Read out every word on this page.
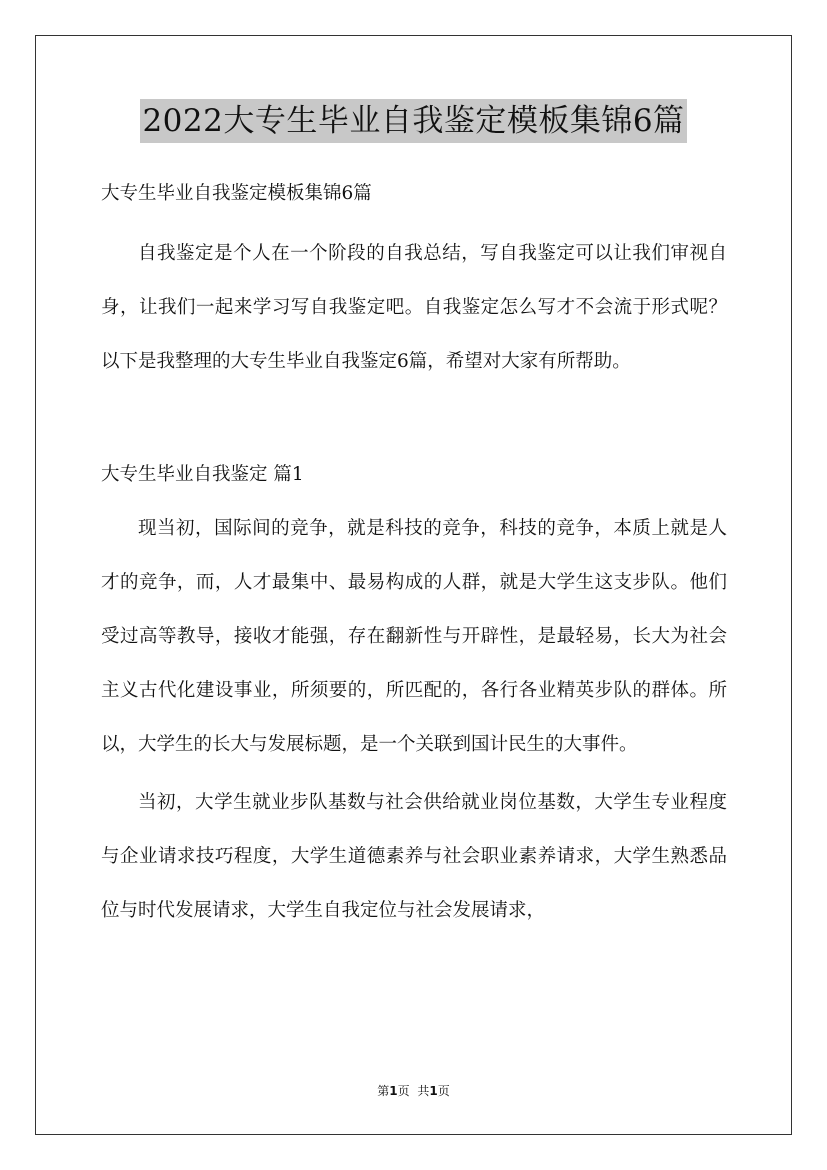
2022大专生毕业自我鉴定模板集锦6篇

大专生毕业自我鉴定模板集锦6篇

自我鉴定是个人在一个阶段的自我总结，写自我鉴定可以让我们审视自身，让我们一起来学习写自我鉴定吧。自我鉴定怎么写才不会流于形式呢？以下是我整理的大专生毕业自我鉴定6篇，希望对大家有所帮助。

大专生毕业自我鉴定 篇1

现当初，国际间的竞争，就是科技的竞争，科技的竞争，本质上就是人才的竞争，而，人才最集中、最易构成的人群，就是大学生这支步队。他们受过高等教导，接收才能强，存在翻新性与开辟性，是最轻易，长大为社会主义古代化建设事业，所须要的，所匹配的，各行各业精英步队的群体。所以，大学生的长大与发展标题，是一个关联到国计民生的大事件。

当初，大学生就业步队基数与社会供给就业岗位基数，大学生专业程度与企业请求技巧程度，大学生道德素养与社会职业素养请求，大学生熟悉品位与时代发展请求，大学生自我定位与社会发展请求，

第1页 共1页
